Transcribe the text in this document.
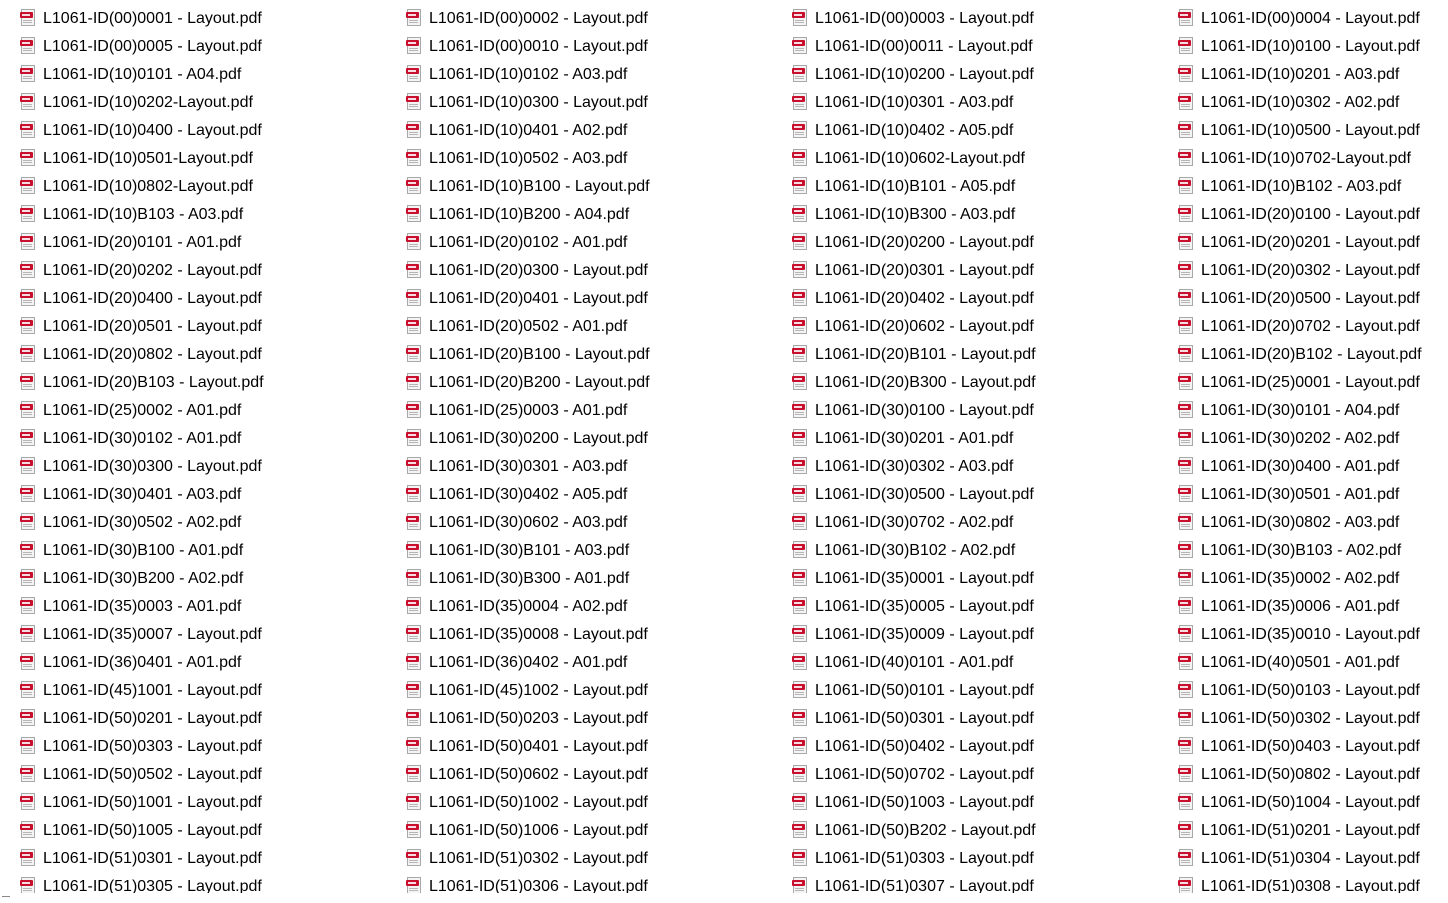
L1061-ID(00)0001 - Layout.pdf	L1061-ID(00)0002 - Layout.pdf	L1061-ID(00)0003 - Layout.pdf	L1061-ID(00)0004 - Layout.pdf
L1061-ID(00)0005 - Layout.pdf	L1061-ID(00)0010 - Layout.pdf	L1061-ID(00)0011 - Layout.pdf	L1061-ID(10)0100 - Layout.pdf
L1061-ID(10)0101 - A04.pdf	L1061-ID(10)0102 - A03.pdf	L1061-ID(10)0200 - Layout.pdf	L1061-ID(10)0201 - A03.pdf
L1061-ID(10)0202-Layout.pdf	L1061-ID(10)0300 - Layout.pdf	L1061-ID(10)0301 - A03.pdf	L1061-ID(10)0302 - A02.pdf
L1061-ID(10)0400 - Layout.pdf	L1061-ID(10)0401 - A02.pdf	L1061-ID(10)0402 - A05.pdf	L1061-ID(10)0500 - Layout.pdf
L1061-ID(10)0501-Layout.pdf	L1061-ID(10)0502 - A03.pdf	L1061-ID(10)0602-Layout.pdf	L1061-ID(10)0702-Layout.pdf
L1061-ID(10)0802-Layout.pdf	L1061-ID(10)B100 - Layout.pdf	L1061-ID(10)B101 - A05.pdf	L1061-ID(10)B102 - A03.pdf
L1061-ID(10)B103 - A03.pdf	L1061-ID(10)B200 - A04.pdf	L1061-ID(10)B300 - A03.pdf	L1061-ID(20)0100 - Layout.pdf
L1061-ID(20)0101 - A01.pdf	L1061-ID(20)0102 - A01.pdf	L1061-ID(20)0200 - Layout.pdf	L1061-ID(20)0201 - Layout.pdf
L1061-ID(20)0202 - Layout.pdf	L1061-ID(20)0300 - Layout.pdf	L1061-ID(20)0301 - Layout.pdf	L1061-ID(20)0302 - Layout.pdf
L1061-ID(20)0400 - Layout.pdf	L1061-ID(20)0401 - Layout.pdf	L1061-ID(20)0402 - Layout.pdf	L1061-ID(20)0500 - Layout.pdf
L1061-ID(20)0501 - Layout.pdf	L1061-ID(20)0502 - A01.pdf	L1061-ID(20)0602 - Layout.pdf	L1061-ID(20)0702 - Layout.pdf
L1061-ID(20)0802 - Layout.pdf	L1061-ID(20)B100 - Layout.pdf	L1061-ID(20)B101 - Layout.pdf	L1061-ID(20)B102 - Layout.pdf
L1061-ID(20)B103 - Layout.pdf	L1061-ID(20)B200 - Layout.pdf	L1061-ID(20)B300 - Layout.pdf	L1061-ID(25)0001 - Layout.pdf
L1061-ID(25)0002 - A01.pdf	L1061-ID(25)0003 - A01.pdf	L1061-ID(30)0100 - Layout.pdf	L1061-ID(30)0101 - A04.pdf
L1061-ID(30)0102 - A01.pdf	L1061-ID(30)0200 - Layout.pdf	L1061-ID(30)0201 - A01.pdf	L1061-ID(30)0202 - A02.pdf
L1061-ID(30)0300 - Layout.pdf	L1061-ID(30)0301 - A03.pdf	L1061-ID(30)0302 - A03.pdf	L1061-ID(30)0400 - A01.pdf
L1061-ID(30)0401 - A03.pdf	L1061-ID(30)0402 - A05.pdf	L1061-ID(30)0500 - Layout.pdf	L1061-ID(30)0501 - A01.pdf
L1061-ID(30)0502 - A02.pdf	L1061-ID(30)0602 - A03.pdf	L1061-ID(30)0702 - A02.pdf	L1061-ID(30)0802 - A03.pdf
L1061-ID(30)B100 - A01.pdf	L1061-ID(30)B101 - A03.pdf	L1061-ID(30)B102 - A02.pdf	L1061-ID(30)B103 - A02.pdf
L1061-ID(30)B200 - A02.pdf	L1061-ID(30)B300 - A01.pdf	L1061-ID(35)0001 - Layout.pdf	L1061-ID(35)0002 - A02.pdf
L1061-ID(35)0003 - A01.pdf	L1061-ID(35)0004 - A02.pdf	L1061-ID(35)0005 - Layout.pdf	L1061-ID(35)0006 - A01.pdf
L1061-ID(35)0007 - Layout.pdf	L1061-ID(35)0008 - Layout.pdf	L1061-ID(35)0009 - Layout.pdf	L1061-ID(35)0010 - Layout.pdf
L1061-ID(36)0401 - A01.pdf	L1061-ID(36)0402 - A01.pdf	L1061-ID(40)0101 - A01.pdf	L1061-ID(40)0501 - A01.pdf
L1061-ID(45)1001 - Layout.pdf	L1061-ID(45)1002 - Layout.pdf	L1061-ID(50)0101 - Layout.pdf	L1061-ID(50)0103 - Layout.pdf
L1061-ID(50)0201 - Layout.pdf	L1061-ID(50)0203 - Layout.pdf	L1061-ID(50)0301 - Layout.pdf	L1061-ID(50)0302 - Layout.pdf
L1061-ID(50)0303 - Layout.pdf	L1061-ID(50)0401 - Layout.pdf	L1061-ID(50)0402 - Layout.pdf	L1061-ID(50)0403 - Layout.pdf
L1061-ID(50)0502 - Layout.pdf	L1061-ID(50)0602 - Layout.pdf	L1061-ID(50)0702 - Layout.pdf	L1061-ID(50)0802 - Layout.pdf
L1061-ID(50)1001 - Layout.pdf	L1061-ID(50)1002 - Layout.pdf	L1061-ID(50)1003 - Layout.pdf	L1061-ID(50)1004 - Layout.pdf
L1061-ID(50)1005 - Layout.pdf	L1061-ID(50)1006 - Layout.pdf	L1061-ID(50)B202 - Layout.pdf	L1061-ID(51)0201 - Layout.pdf
L1061-ID(51)0301 - Layout.pdf	L1061-ID(51)0302 - Layout.pdf	L1061-ID(51)0303 - Layout.pdf	L1061-ID(51)0304 - Layout.pdf
L1061-ID(51)0305 - Layout.pdf	L1061-ID(51)0306 - Layout.pdf	L1061-ID(51)0307 - Layout.pdf	L1061-ID(51)0308 - Layout.pdf
